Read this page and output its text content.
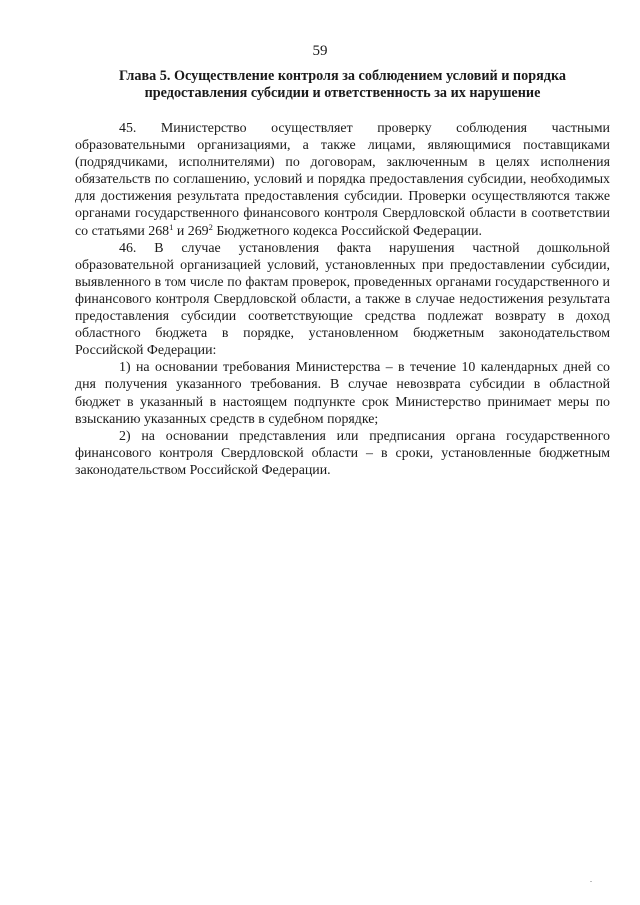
59
Глава 5. Осуществление контроля за соблюдением условий и порядка
предоставления субсидии и ответственность за их нарушение

45. Министерство осуществляет проверку соблюдения частными образовательными организациями, а также лицами, являющимися поставщиками (подрядчиками, исполнителями) по договорам, заключенным в целях исполнения обязательств по соглашению, условий и порядка предоставления субсидии, необходимых для достижения результата предоставления субсидии. Проверки осуществляются также органами государственного финансового контроля Свердловской области в соответствии со статьями $268^1$ и $269^2$ Бюджетного кодекса Российской Федерации.

46. В случае установления факта нарушения частной дошкольной образовательной организацией условий, установленных при предоставлении субсидии, выявленного в том числе по фактам проверок, проведенных органами государственного и финансового контроля Свердловской области, а также в случае недостижения результата предоставления субсидии соответствующие средства подлежат возврату в доход областного бюджета в порядке, установленном бюджетным законодательством Российской Федерации:

1) на основании требования Министерства – в течение 10 календарных дней со дня получения указанного требования. В случае невозврата субсидии в областной бюджет в указанный в настоящем подпункте срок Министерство принимает меры по взысканию указанных средств в судебном порядке;

2) на основании представления или предписания органа государственного финансового контроля Свердловской области – в сроки, установленные бюджетным законодательством Российской Федерации.
